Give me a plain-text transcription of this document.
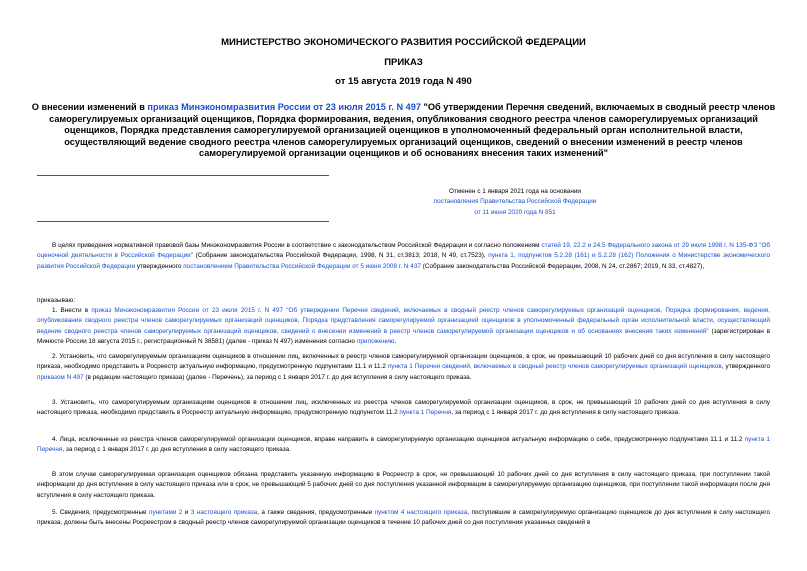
МИНИСТЕРСТВО ЭКОНОМИЧЕСКОГО РАЗВИТИЯ РОССИЙСКОЙ ФЕДЕРАЦИИ
ПРИКАЗ
от 15 августа 2019 года N 490
О внесении изменений в приказ Минэкономразвития России от 23 июля 2015 г. N 497 "Об утверждении Перечня сведений, включаемых в сводный реестр членов саморегулируемых организаций оценщиков, Порядка формирования, ведения, опубликования сводного реестра членов саморегулируемых организаций оценщиков, Порядка представления саморегулируемой организацией оценщиков в уполномоченный федеральный орган исполнительной власти, осуществляющий ведение сводного реестра членов саморегулируемых организаций оценщиков, сведений о внесении изменений в реестр членов саморегулируемой организации оценщиков и об основаниях внесения таких изменений"
Отменен с 1 января 2021 года на основании
постановления Правительства Российской Федерации
от 11 июня 2020 года N 851
В целях приведения нормативной правовой базы Минэкономразвития России в соответствие с законодательством Российской Федерации и согласно положениям статей 19, 22.2 и 24.5 Федерального закона от 29 июля 1998 г. N 135-ФЗ "Об оценочной деятельности в Российской Федерации" (Собрание законодательства Российской Федерации, 1998, N 31, ст.3813; 2018, N 49, ст.7523), пункта 1, подпунктов 5.2.28 (161) и 5.2.28 (162) Положения о Министерстве экономического развития Российской Федерации утвержденного постановлением Правительства Российской Федерации от 5 июня 2008 г. N 437 (Собрание законодательства Российской Федерации, 2008, N 24, ст.2867; 2019, N 33, ст.4827),
приказываю:
1. Внести в приказ Минэкономразвития России от 23 июля 2015 г. N 497 "Об утверждении Перечня сведений, включаемых в сводный реестр членов саморегулируемых организаций оценщиков, Порядка формирования, ведения, опубликования сводного реестра членов саморегулируемых организаций оценщиков, Порядка представления саморегулируемой организацией оценщиков в уполномоченный федеральный орган исполнительной власти, осуществляющий ведение сводного реестра членов саморегулируемых организаций оценщиков, сведений о внесении изменений в реестр членов саморегулируемой организации оценщиков и об основаниях внесения таких изменений" (зарегистрирован в Минюсте России 18 августа 2015 г., регистрационный N 38581) (далее - приказ N 497) изменения согласно приложению.
2. Установить, что саморегулируемым организациям оценщиков в отношении лиц, включенных в реестр членов саморегулируемой организации оценщиков, в срок, не превышающий 10 рабочих дней со дня вступления в силу настоящего приказа, необходимо представить в Росреестр актуальную информацию, предусмотренную подпунктами 11.1 и 11.2 пункта 1 Перечня сведений, включаемых в сводный реестр членов саморегулируемых организаций оценщиков, утвержденного приказом N 497 (в редакции настоящего приказа) (далее - Перечень), за период с 1 января 2017 г. до дня вступления в силу настоящего приказа.
3. Установить, что саморегулируемым организациям оценщиков в отношении лиц, исключенных из реестра членов саморегулируемой организации оценщиков, в срок, не превышающий 10 рабочих дней со дня вступления в силу настоящего приказа, необходимо представить в Росреестр актуальную информацию, предусмотренную подпунктом 11.2 пункта 1 Перечня, за период с 1 января 2017 г. до дня вступления в силу настоящего приказа.
4. Лица, исключенные из реестра членов саморегулируемой организации оценщиков, вправе направить в саморегулируемую организацию оценщиков актуальную информацию о себе, предусмотренную подпунктами 11.1 и 11.2 пункта 1 Перечня, за период с 1 января 2017 г. до дня вступления в силу настоящего приказа.
В этом случае саморегулируемая организация оценщиков обязана представить указанную информацию в Росреестр в срок, не превышающий 10 рабочих дней со дня вступления в силу настоящего приказа, при поступлении такой информации до дня вступления в силу настоящего приказа или в срок, не превышающий 5 рабочих дней со дня поступления указанной информации в саморегулируемую организацию оценщиков, при поступлении такой информации после дня вступления в силу настоящего приказа.
5. Сведения, предусмотренные пунктами 2 и 3 настоящего приказа, а также сведения, предусмотренные пунктом 4 настоящего приказа, поступившие в саморегулируемую организацию оценщиков до дня вступления в силу настоящего приказа, должны быть внесены Росреестром в сводный реестр членов саморегулируемой организации оценщиков в течение 10 рабочих дней со дня поступления указанных сведений в
